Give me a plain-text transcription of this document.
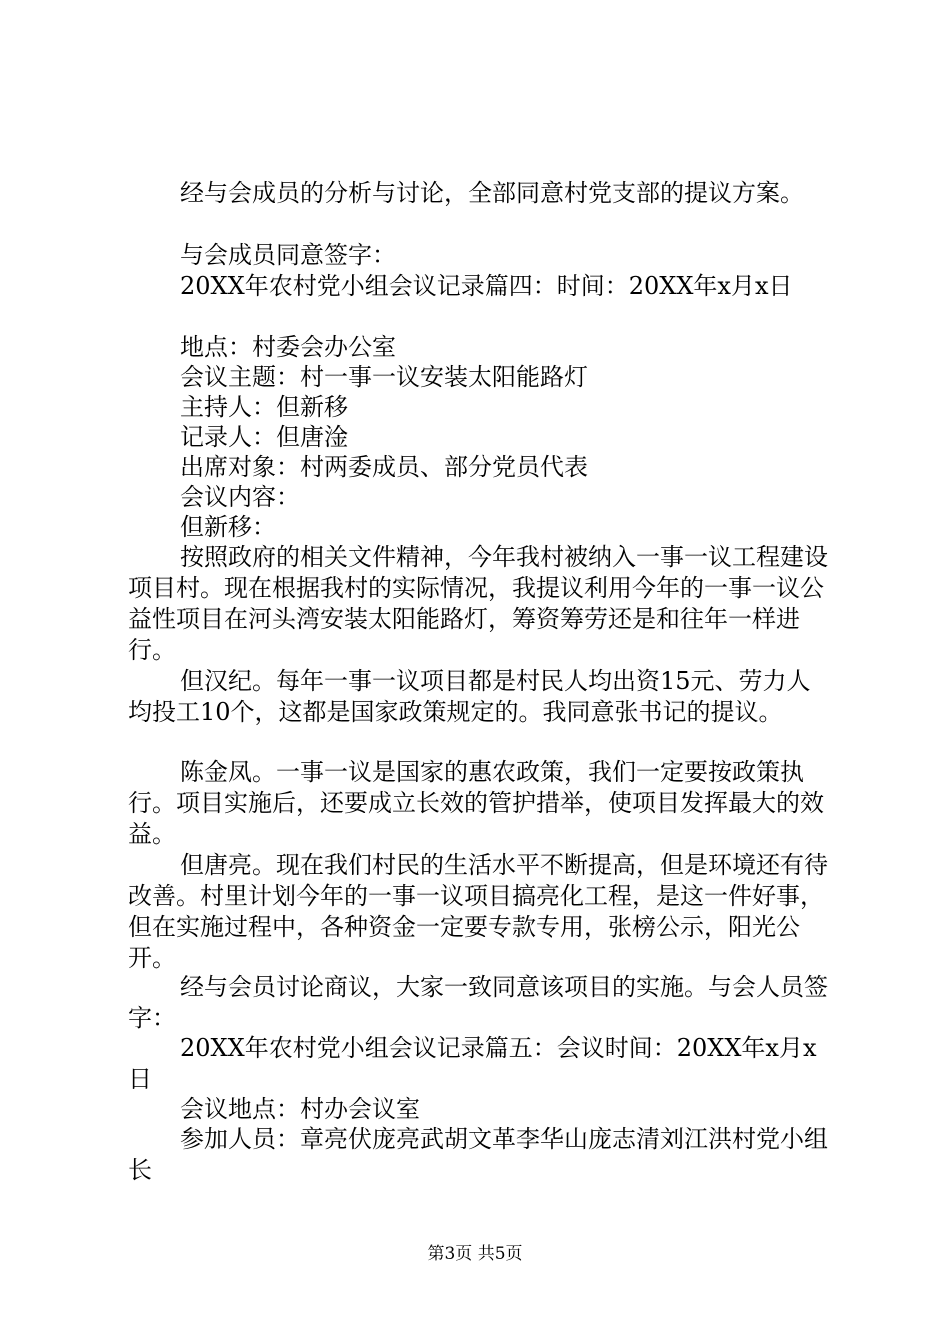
经与会成员的分析与讨论，全部同意村党支部的提议方案。

与会成员同意签字：

20XX年农村党小组会议记录篇四：时间：20XX年x月x日

地点：村委会办公室

会议主题：村一事一议安装太阳能路灯

主持人：但新移

记录人：但唐淦

出席对象：村两委成员、部分党员代表

会议内容：

但新移：

按照政府的相关文件精神，今年我村被纳入一事一议工程建设项目村。现在根据我村的实际情况，我提议利用今年的一事一议公益性项目在河头湾安装太阳能路灯，筹资筹劳还是和往年一样进行。

但汉纪。每年一事一议项目都是村民人均出资15元、劳力人均投工10个，这都是国家政策规定的。我同意张书记的提议。

陈金凤。一事一议是国家的惠农政策，我们一定要按政策执行。项目实施后，还要成立长效的管护措举，使项目发挥最大的效益。

但唐亮。现在我们村民的生活水平不断提高，但是环境还有待改善。村里计划今年的一事一议项目搞亮化工程，是这一件好事，但在实施过程中，各种资金一定要专款专用，张榜公示，阳光公开。

经与会员讨论商议，大家一致同意该项目的实施。与会人员签字：

20XX年农村党小组会议记录篇五：会议时间：20XX年x月x日

会议地点：村办会议室

参加人员：章亮伏庞亮武胡文革李华山庞志清刘江洪村党小组长

第3页 共5页
